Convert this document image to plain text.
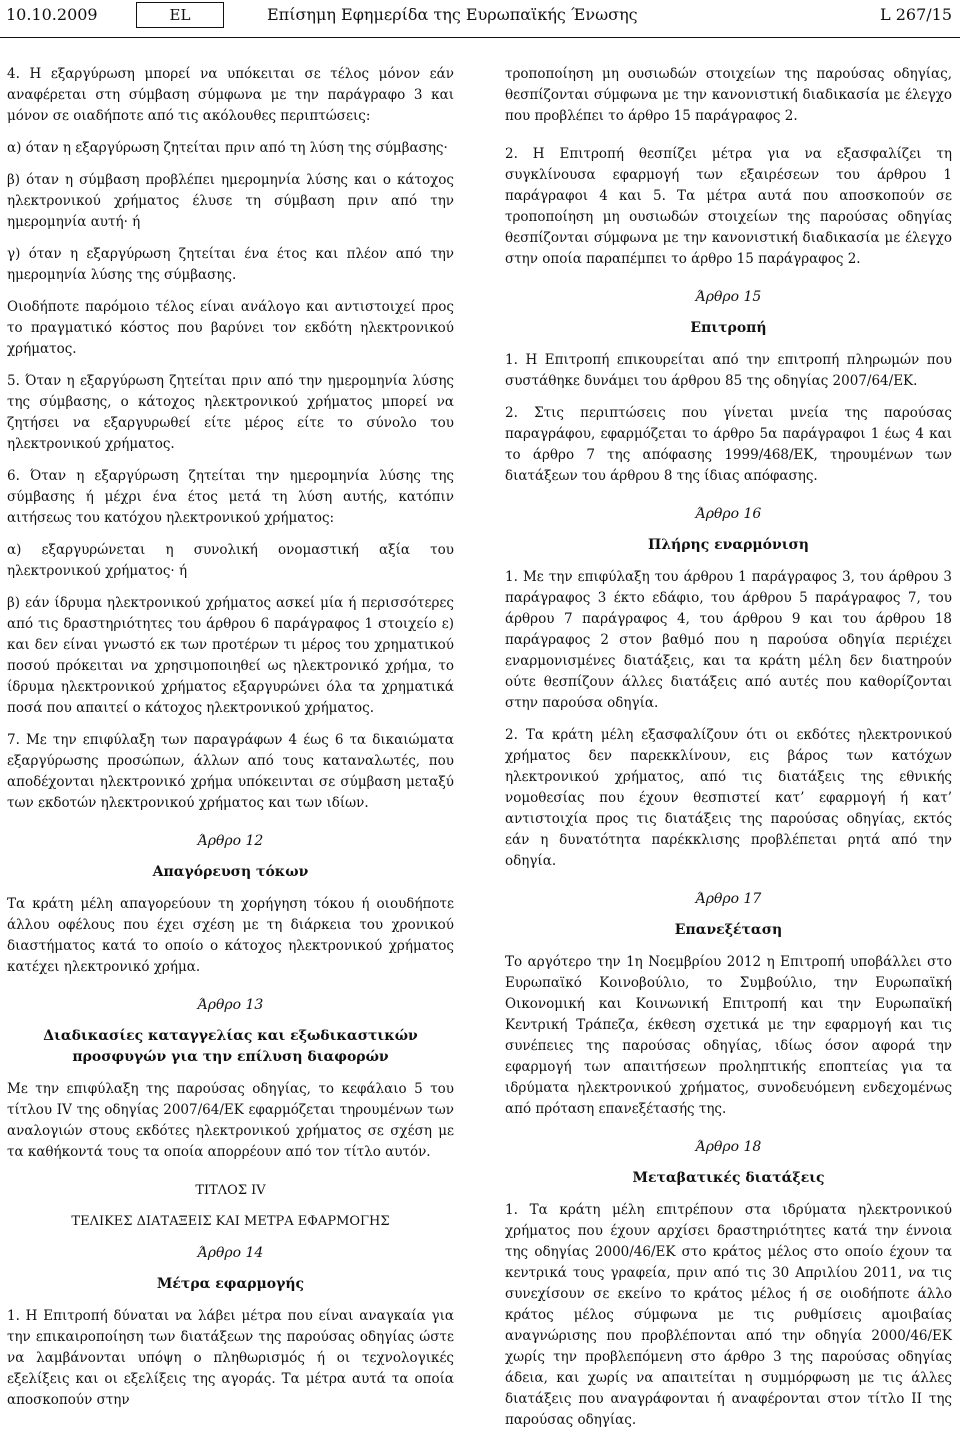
10.10.2009	EL	Επίσημη Εφημερίδα της Ευρωπαϊκής Ένωσης	L 267/15

4. Η εξαργύρωση μπορεί να υπόκειται σε τέλος μόνον εάν αναφέρεται στη σύμβαση σύμφωνα με την παράγραφο 3 και μόνον σε οιαδήποτε από τις ακόλουθες περιπτώσεις:

α) όταν η εξαργύρωση ζητείται πριν από τη λύση της σύμβασης·

β) όταν η σύμβαση προβλέπει ημερομηνία λύσης και ο κάτοχος ηλεκτρονικού χρήματος έλυσε τη σύμβαση πριν από την ημερομηνία αυτή· ή

γ) όταν η εξαργύρωση ζητείται ένα έτος και πλέον από την ημερομηνία λύσης της σύμβασης.

Οιοδήποτε παρόμοιο τέλος είναι ανάλογο και αντιστοιχεί προς το πραγματικό κόστος που βαρύνει τον εκδότη ηλεκτρονικού χρήματος.

5. Όταν η εξαργύρωση ζητείται πριν από την ημερομηνία λύσης της σύμβασης, ο κάτοχος ηλεκτρονικού χρήματος μπορεί να ζητήσει να εξαργυρωθεί είτε μέρος είτε το σύνολο του ηλεκτρονικού χρήματος.

6. Όταν η εξαργύρωση ζητείται την ημερομηνία λύσης της σύμβασης ή μέχρι ένα έτος μετά τη λύση αυτής, κατόπιν αιτήσεως του κατόχου ηλεκτρονικού χρήματος:

α) εξαργυρώνεται η συνολική ονομαστική αξία του ηλεκτρονικού χρήματος· ή

β) εάν ίδρυμα ηλεκτρονικού χρήματος ασκεί μία ή περισσότερες από τις δραστηριότητες του άρθρου 6 παράγραφος 1 στοιχείο ε) και δεν είναι γνωστό εκ των προτέρων τι μέρος του χρηματικού ποσού πρόκειται να χρησιμοποιηθεί ως ηλεκτρονικό χρήμα, το ίδρυμα ηλεκτρονικού χρήματος εξαργυρώνει όλα τα χρηματικά ποσά που απαιτεί ο κάτοχος ηλεκτρονικού χρήματος.

7. Με την επιφύλαξη των παραγράφων 4 έως 6 τα δικαιώματα εξαργύρωσης προσώπων, άλλων από τους καταναλωτές, που αποδέχονται ηλεκτρονικό χρήμα υπόκεινται σε σύμβαση μεταξύ των εκδοτών ηλεκτρονικού χρήματος και των ιδίων.

Άρθρο 12
Απαγόρευση τόκων

Τα κράτη μέλη απαγορεύουν τη χορήγηση τόκου ή οιουδήποτε άλλου οφέλους που έχει σχέση με τη διάρκεια του χρονικού διαστήματος κατά το οποίο ο κάτοχος ηλεκτρονικού χρήματος κατέχει ηλεκτρονικό χρήμα.

Άρθρο 13
Διαδικασίες καταγγελίας και εξωδικαστικών προσφυγών για την επίλυση διαφορών

Με την επιφύλαξη της παρούσας οδηγίας, το κεφάλαιο 5 του τίτλου IV της οδηγίας 2007/64/ΕΚ εφαρμόζεται τηρουμένων των αναλογιών στους εκδότες ηλεκτρονικού χρήματος σε σχέση με τα καθήκοντά τους τα οποία απορρέουν από τον τίτλο αυτόν.

ΤΙΤΛΟΣ IV
ΤΕΛΙΚΕΣ ΔΙΑΤΑΞΕΙΣ ΚΑΙ ΜΕΤΡΑ ΕΦΑΡΜΟΓΗΣ
Άρθρο 14
Μέτρα εφαρμογής

1. Η Επιτροπή δύναται να λάβει μέτρα που είναι αναγκαία για την επικαιροποίηση των διατάξεων της παρούσας οδηγίας ώστε να λαμβάνονται υπόψη ο πληθωρισμός ή οι τεχνολογικές εξελίξεις και οι εξελίξεις της αγοράς. Τα μέτρα αυτά τα οποία αποσκοπούν στην

τροποποίηση μη ουσιωδών στοιχείων της παρούσας οδηγίας, θεσπίζονται σύμφωνα με την κανονιστική διαδικασία με έλεγχο που προβλέπει το άρθρο 15 παράγραφος 2.

2. Η Επιτροπή θεσπίζει μέτρα για να εξασφαλίζει τη συγκλίνουσα εφαρμογή των εξαιρέσεων του άρθρου 1 παράγραφοι 4 και 5. Τα μέτρα αυτά που αποσκοπούν σε τροποποίηση μη ουσιωδών στοιχείων της παρούσας οδηγίας θεσπίζονται σύμφωνα με την κανονιστική διαδικασία με έλεγχο στην οποία παραπέμπει το άρθρο 15 παράγραφος 2.

Άρθρο 15
Επιτροπή

1. Η Επιτροπή επικουρείται από την επιτροπή πληρωμών που συστάθηκε δυνάμει του άρθρου 85 της οδηγίας 2007/64/ΕΚ.

2. Στις περιπτώσεις που γίνεται μνεία της παρούσας παραγράφου, εφαρμόζεται το άρθρο 5α παράγραφοι 1 έως 4 και το άρθρο 7 της απόφασης 1999/468/ΕΚ, τηρουμένων των διατάξεων του άρθρου 8 της ίδιας απόφασης.

Άρθρο 16
Πλήρης εναρμόνιση

1. Με την επιφύλαξη του άρθρου 1 παράγραφος 3, του άρθρου 3 παράγραφος 3 έκτο εδάφιο, του άρθρου 5 παράγραφος 7, του άρθρου 7 παράγραφος 4, του άρθρου 9 και του άρθρου 18 παράγραφος 2 στον βαθμό που η παρούσα οδηγία περιέχει εναρμονισμένες διατάξεις, και τα κράτη μέλη δεν διατηρούν ούτε θεσπίζουν άλλες διατάξεις από αυτές που καθορίζονται στην παρούσα οδηγία.

2. Τα κράτη μέλη εξασφαλίζουν ότι οι εκδότες ηλεκτρονικού χρήματος δεν παρεκκλίνουν, εις βάρος των κατόχων ηλεκτρονικού χρήματος, από τις διατάξεις της εθνικής νομοθεσίας που έχουν θεσπιστεί κατ’ εφαρμογή ή κατ’ αντιστοιχία προς τις διατάξεις της παρούσας οδηγίας, εκτός εάν η δυνατότητα παρέκκλισης προβλέπεται ρητά από την οδηγία.

Άρθρο 17
Επανεξέταση

Το αργότερο την 1η Νοεμβρίου 2012 η Επιτροπή υποβάλλει στο Ευρωπαϊκό Κοινοβούλιο, το Συμβούλιο, την Ευρωπαϊκή Οικονομική και Κοινωνική Επιτροπή και την Ευρωπαϊκή Κεντρική Τράπεζα, έκθεση σχετικά με την εφαρμογή και τις συνέπειες της παρούσας οδηγίας, ιδίως όσον αφορά την εφαρμογή των απαιτήσεων προληπτικής εποπτείας για τα ιδρύματα ηλεκτρονικού χρήματος, συνοδευόμενη ενδεχομένως από πρόταση επανεξέτασής της.

Άρθρο 18
Μεταβατικές διατάξεις

1. Τα κράτη μέλη επιτρέπουν στα ιδρύματα ηλεκτρονικού χρήματος που έχουν αρχίσει δραστηριότητες κατά την έννοια της οδηγίας 2000/46/ΕΚ στο κράτος μέλος στο οποίο έχουν τα κεντρικά τους γραφεία, πριν από τις 30 Απριλίου 2011, να τις συνεχίσουν σε εκείνο το κράτος μέλος ή σε οιοδήποτε άλλο κράτος μέλος σύμφωνα με τις ρυθμίσεις αμοιβαίας αναγνώρισης που προβλέπονται από την οδηγία 2000/46/ΕΚ χωρίς την προβλεπόμενη στο άρθρο 3 της παρούσας οδηγίας άδεια, και χωρίς να απαιτείται η συμμόρφωση με τις άλλες διατάξεις που αναγράφονται ή αναφέρονται στον τίτλο II της παρούσας οδηγίας.
